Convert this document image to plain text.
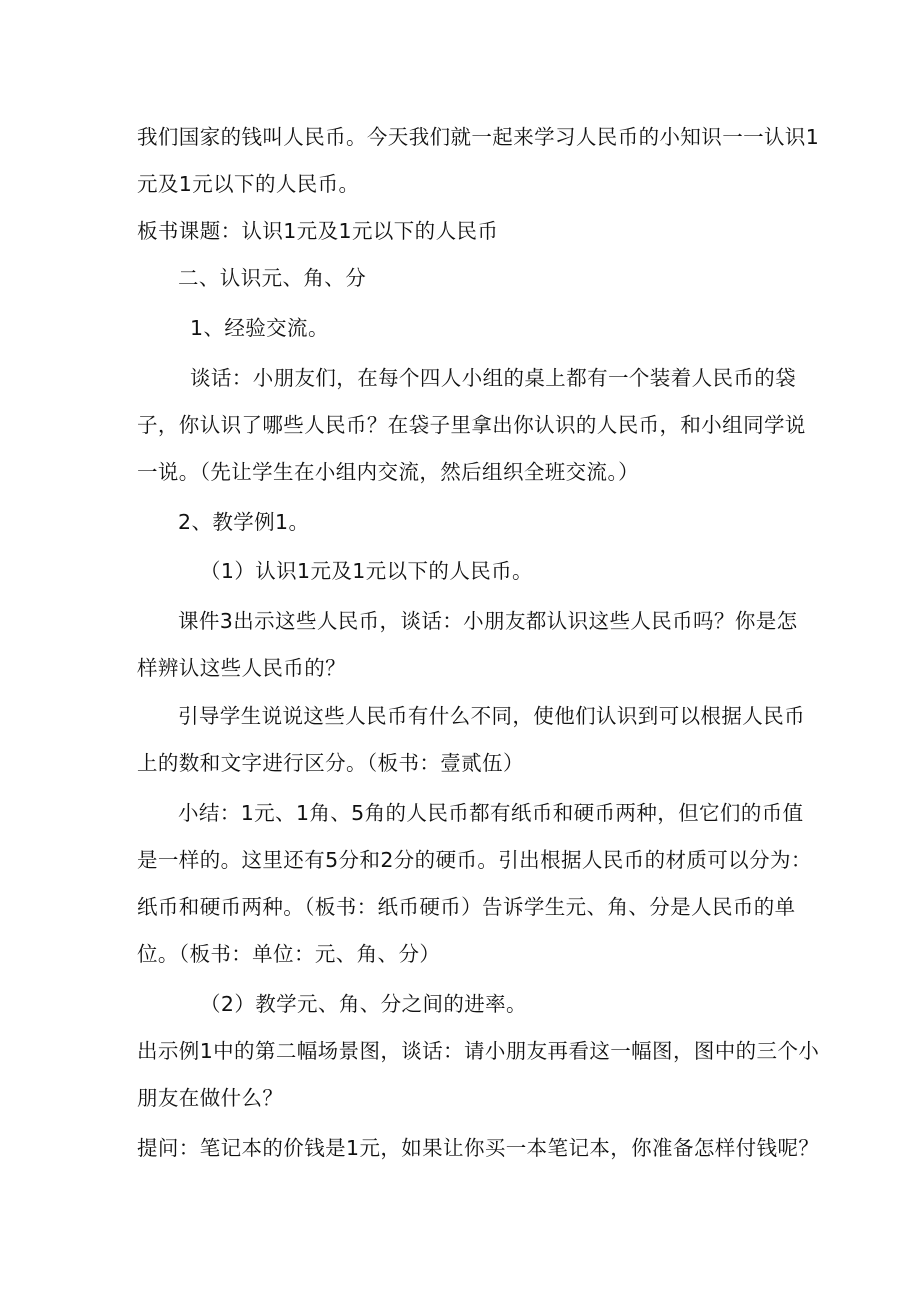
我们国家的钱叫人民币。今天我们就一起来学习人民币的小知识一一认识1
元及1元以下的人民币。
板书课题：认识1元及1元以下的人民币
二、认识元、角、分
1、经验交流。
谈话：小朋友们，在每个四人小组的桌上都有一个装着人民币的袋
子，你认识了哪些人民币？在袋子里拿出你认识的人民币，和小组同学说
一说。（先让学生在小组内交流，然后组织全班交流。）
2、教学例1。
（1）认识1元及1元以下的人民币。
课件3出示这些人民币，谈话：小朋友都认识这些人民币吗？你是怎
样辨认这些人民币的？
引导学生说说这些人民币有什么不同，使他们认识到可以根据人民币
上的数和文字进行区分。（板书：壹贰伍）
小结：1元、1角、5角的人民币都有纸币和硬币两种，但它们的币值
是一样的。这里还有5分和2分的硬币。引出根据人民币的材质可以分为：
纸币和硬币两种。（板书：纸币硬币）告诉学生元、角、分是人民币的单
位。（板书：单位：元、角、分）
（2）教学元、角、分之间的进率。
出示例1中的第二幅场景图，谈话：请小朋友再看这一幅图，图中的三个小
朋友在做什么？
提问：笔记本的价钱是1元，如果让你买一本笔记本，你准备怎样付钱呢？
